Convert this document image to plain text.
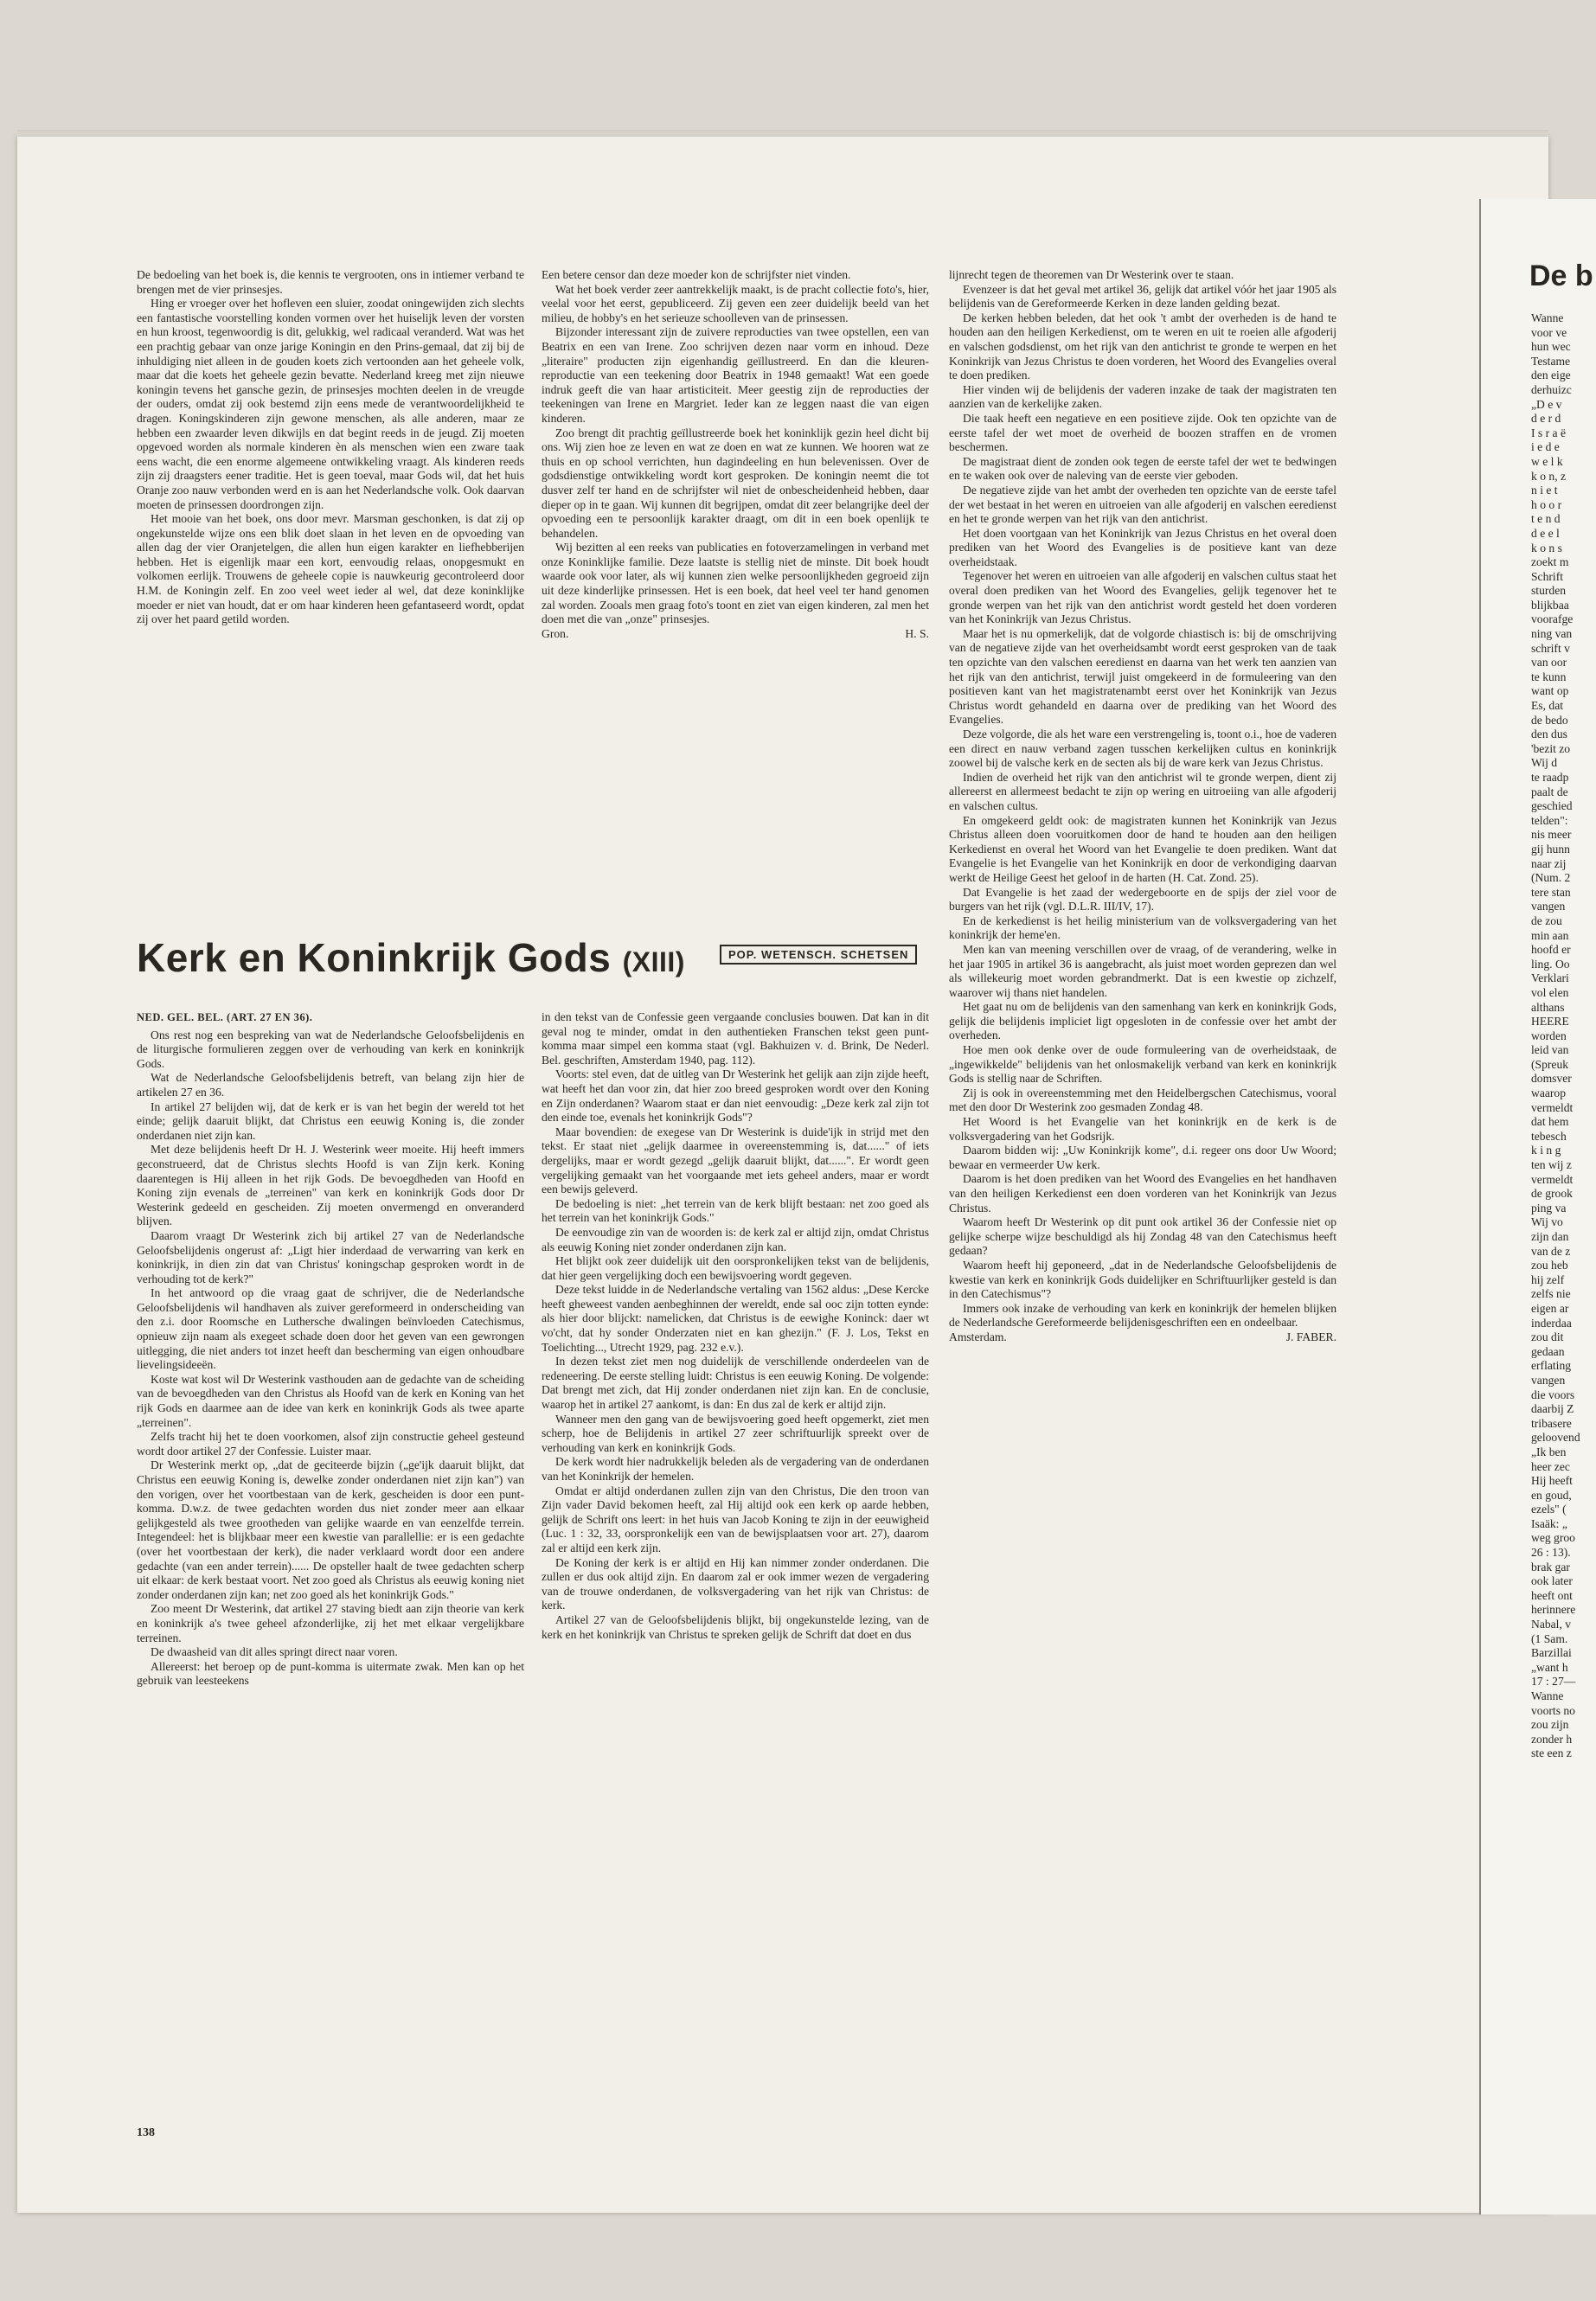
De bedoeling van het boek is, die kennis te vergrooten, ons in intiemer verband te brengen met de vier prinsesjes.

Hing er vroeger over het hofleven een sluier, zoodat oningewijden zich slechts een fantastische voorstelling konden vormen over het huiselijk leven der vorsten en hun kroost, tegenwoordig is dit, gelukkig, wel radicaal veranderd. Wat was het een prachtig gebaar van onze jarige Koningin en den Prins-gemaal, dat zij bij de inhuldiging niet alleen in de gouden koets zich vertoonden aan het geheele volk, maar dat die koets het geheele gezin bevatte. Nederland kreeg met zijn nieuwe koningin tevens het gansche gezin, de prinsesjes mochten deelen in de vreugde der ouders, omdat zij ook bestemd zijn eens mede de verantwoordelijkheid te dragen. Koningskinderen zijn gewone menschen, als alle anderen, maar ze hebben een zwaarder leven dikwijls en dat begint reeds in de jeugd. Zij moeten opgevoed worden als normale kinderen èn als menschen wien een zware taak eens wacht, die een enorme algemeene ontwikkeling vraagt. Als kinderen reeds zijn zij draagsters eener traditie. Het is geen toeval, maar Gods wil, dat het huis Oranje zoo nauw verbonden werd en is aan het Nederlandsche volk. Ook daarvan moeten de prinsessen doordrongen zijn.

Het mooie van het boek, ons door mevr. Marsman geschonken, is dat zij op ongekunstelde wijze ons een blik doet slaan in het leven en de opvoeding van allen dag der vier Oranjetelgen, die allen hun eigen karakter en liefhebberijen hebben. Het is eigenlijk maar een kort, eenvoudig relaas, onopgesmukt en volkomen eerlijk. Trouwens de geheele copie is nauwkeurig gecontroleerd door H.M. de Koningin zelf. En zoo veel weet ieder al wel, dat deze koninklijke moeder er niet van houdt, dat er om haar kinderen heen gefantaseerd wordt, opdat zij over het paard getild worden.

Een betere censor dan deze moeder kon de schrijfster niet vinden.

Wat het boek verder zeer aantrekkelijk maakt, is de pracht collectie foto's, hier, veelal voor het eerst, gepubliceerd. Zij geven een zeer duidelijk beeld van het milieu, de hobby's en het serieuze schoolleven van de prinsessen.

Bijzonder interessant zijn de zuivere reproducties van twee opstellen, een van Beatrix en een van Irene. Zoo schrijven dezen naar vorm en inhoud. Deze „literaire" producten zijn eigenhandig geïllustreerd. En dan die kleuren-reproductie van een teekening door Beatrix in 1948 gemaakt! Wat een goede indruk geeft die van haar artisticiteit. Meer geestig zijn de reproducties der teekeningen van Irene en Margriet. Ieder kan ze leggen naast die van eigen kinderen.

Zoo brengt dit prachtig geïllustreerde boek het koninklijk gezin heel dicht bij ons. Wij zien hoe ze leven en wat ze doen en wat ze kunnen. We hooren wat ze thuis en op school verrichten, hun dagindeeling en hun belevenissen. Over de godsdienstige ontwikkeling wordt kort gesproken. De koningin neemt die tot dusver zelf ter hand en de schrijfster wil niet de onbescheidenheid hebben, daar dieper op in te gaan. Wij kunnen dit begrijpen, omdat dit zeer belangrijke deel der opvoeding een te persoonlijk karakter draagt, om dit in een boek openlijk te behandelen.

Wij bezitten al een reeks van publicaties en fotoverzamelingen in verband met onze Koninklijke familie. Deze laatste is stellig niet de minste. Dit boek houdt waarde ook voor later, als wij kunnen zien welke persoonlijkheden gegroeid zijn uit deze kinderlijke prinsessen. Het is een boek, dat heel veel ter hand genomen zal worden. Zooals men graag foto's toont en ziet van eigen kinderen, zal men het doen met die van „onze" prinsesjes.

Gron.	H. S.
Kerk en Koninkrijk Gods (XIII)	POP. WETENSCH. SCHETSEN

NED. GEL. BEL. (ART. 27 EN 36).

Ons rest nog een bespreking van wat de Nederlandsche Geloofsbelijdenis en de liturgische formulieren zeggen over de verhouding van kerk en koninkrijk Gods.

Wat de Nederlandsche Geloofsbelijdenis betreft, van belang zijn hier de artikelen 27 en 36.

In artikel 27 belijden wij, dat de kerk er is van het begin der wereld tot het einde; gelijk daaruit blijkt, dat Christus een eeuwig Koning is, die zonder onderdanen niet zijn kan.

Met deze belijdenis heeft Dr H. J. Westerink weer moeite. Hij heeft immers geconstrueerd, dat de Christus slechts Hoofd is van Zijn kerk. Koning daarentegen is Hij alleen in het rijk Gods. De bevoegdheden van Hoofd en Koning zijn evenals de „terreinen" van kerk en koninkrijk Gods door Dr Westerink gedeeld en gescheiden. Zij moeten onvermengd en onveranderd blijven.

Daarom vraagt Dr Westerink zich bij artikel 27 van de Nederlandsche Geloofsbelijdenis ongerust af: „Ligt hier inderdaad de verwarring van kerk en koninkrijk, in dien zin dat van Christus' koningschap gesproken wordt in de verhouding tot de kerk?"

In het antwoord op die vraag gaat de schrijver, die de Nederlandsche Geloofsbelijdenis wil handhaven als zuiver gereformeerd in onderscheiding van den z.i. door Roomsche en Luthersche dwalingen beïnvloeden Catechismus, opnieuw zijn naam als exegeet schade doen door het geven van een gewrongen uitlegging, die niet anders tot inzet heeft dan bescherming van eigen onhoudbare lievelingsideeën.

Koste wat kost wil Dr Westerink vasthouden aan de gedachte van de scheiding van de bevoegdheden van den Christus als Hoofd van de kerk en Koning van het rijk Gods en daarmee aan de idee van kerk en koninkrijk Gods als twee aparte „terreinen".

Zelfs tracht hij het te doen voorkomen, alsof zijn constructie geheel gesteund wordt door artikel 27 der Confessie. Luister maar.

Dr Westerink merkt op, „dat de geciteerde bijzin („ge'ijk daaruit blijkt, dat Christus een eeuwig Koning is, dewelke zonder onderdanen niet zijn kan") van den vorigen, over het voortbestaan van de kerk, gescheiden is door een punt-komma. D.w.z. de twee gedachten worden dus niet zonder meer aan elkaar gelijkgesteld als twee grootheden van gelijke waarde en van eenzelfde terrein. Integendeel: het is blijkbaar meer een kwestie van parallellie: er is een gedachte (over het voortbestaan der kerk), die nader verklaard wordt door een andere gedachte (van een ander terrein)...... De opsteller haalt de twee gedachten scherp uit elkaar: de kerk bestaat voort. Net zoo goed als Christus als eeuwig koning niet zonder onderdanen zijn kan; net zoo goed als het koninkrijk Gods."

Zoo meent Dr Westerink, dat artikel 27 staving biedt aan zijn theorie van kerk en koninkrijk a's twee geheel afzonderlijke, zij het met elkaar vergelijkbare terreinen.

De dwaasheid van dit alles springt direct naar voren.

Allereerst: het beroep op de punt-komma is uitermate zwak. Men kan op het gebruik van leesteekens

in den tekst van de Confessie geen vergaande conclusies bouwen. Dat kan in dit geval nog te minder, omdat in den authentieken Franschen tekst geen punt-komma maar simpel een komma staat (vgl. Bakhuizen v. d. Brink, De Nederl. Bel. geschriften, Amsterdam 1940, pag. 112).

Voorts: stel even, dat de uitleg van Dr Westerink het gelijk aan zijn zijde heeft, wat heeft het dan voor zin, dat hier zoo breed gesproken wordt over den Koning en Zijn onderdanen? Waarom staat er dan niet eenvoudig: „Deze kerk zal zijn tot den einde toe, evenals het koninkrijk Gods"?

Maar bovendien: de exegese van Dr Westerink is duide'ijk in strijd met den tekst. Er staat niet „gelijk daarmee in overeenstemming is, dat......" of iets dergelijks, maar er wordt gezegd „gelijk daaruit blijkt, dat......". Er wordt geen vergelijking gemaakt van het voorgaande met iets geheel anders, maar er wordt een bewijs geleverd.

De bedoeling is niet: „het terrein van de kerk blijft bestaan: net zoo goed als het terrein van het koninkrijk Gods."

De eenvoudige zin van de woorden is: de kerk zal er altijd zijn, omdat Christus als eeuwig Koning niet zonder onderdanen zijn kan.

Het blijkt ook zeer duidelijk uit den oorspronkelijken tekst van de belijdenis, dat hier geen vergelijking doch een bewijsvoering wordt gegeven.

Deze tekst luidde in de Nederlandsche vertaling van 1562 aldus: „Dese Kercke heeft gheweest vanden aenbeghinnen der wereldt, ende sal ooc zijn totten eynde: als hier door blijckt: namelicken, dat Christus is de eewighe Koninck: daer wt vo'cht, dat hy sonder Onderzaten niet en kan ghezijn." (F. J. Los, Tekst en Toelichting..., Utrecht 1929, pag. 232 e.v.).

In dezen tekst ziet men nog duidelijk de verschillende onderdeelen van de redeneering. De eerste stelling luidt: Christus is een eeuwig Koning. De volgende: Dat brengt met zich, dat Hij zonder onderdanen niet zijn kan. En de conclusie, waarop het in artikel 27 aankomt, is dan: En dus zal de kerk er altijd zijn.

Wanneer men den gang van de bewijsvoering goed heeft opgemerkt, ziet men scherp, hoe de Belijdenis in artikel 27 zeer schriftuurlijk spreekt over de verhouding van kerk en koninkrijk Gods.

De kerk wordt hier nadrukkelijk beleden als de vergadering van de onderdanen van het Koninkrijk der hemelen.

Omdat er altijd onderdanen zullen zijn van den Christus, Die den troon van Zijn vader David bekomen heeft, zal Hij altijd ook een kerk op aarde hebben, gelijk de Schrift ons leert: in het huis van Jacob Koning te zijn in der eeuwigheid (Luc. 1 : 32, 33, oorspronkelijk een van de bewijsplaatsen voor art. 27), daarom zal er altijd een kerk zijn.

De Koning der kerk is er altijd en Hij kan nimmer zonder onderdanen. Die zullen er dus ook altijd zijn. En daarom zal er ook immer wezen de vergadering van de trouwe onderdanen, de volksvergadering van het rijk van Christus: de kerk.

Artikel 27 van de Geloofsbelijdenis blijkt, bij ongekunstelde lezing, van de kerk en het koninkrijk van Christus te spreken gelijk de Schrift dat doet en dus

lijnrecht tegen de theoremen van Dr Westerink over te staan.

Evenzeer is dat het geval met artikel 36, gelijk dat artikel vóór het jaar 1905 als belijdenis van de Gereformeerde Kerken in deze landen gelding bezat.

De kerken hebben beleden, dat het ook 't ambt der overheden is de hand te houden aan den heiligen Kerkedienst, om te weren en uit te roeien alle afgoderij en valschen godsdienst, om het rijk van den antichrist te gronde te werpen en het Koninkrijk van Jezus Christus te doen vorderen, het Woord des Evangelies overal te doen prediken.

Hier vinden wij de belijdenis der vaderen inzake de taak der magistraten ten aanzien van de kerkelijke zaken.

Die taak heeft een negatieve en een positieve zijde. Ook ten opzichte van de eerste tafel der wet moet de overheid de boozen straffen en de vromen beschermen.

De magistraat dient de zonden ook tegen de eerste tafel der wet te bedwingen en te waken ook over de naleving van de eerste vier geboden.

De negatieve zijde van het ambt der overheden ten opzichte van de eerste tafel der wet bestaat in het weren en uitroeien van alle afgoderij en valschen eeredienst en het te gronde werpen van het rijk van den antichrist.

Het doen voortgaan van het Koninkrijk van Jezus Christus en het overal doen prediken van het Woord des Evangelies is de positieve kant van deze overheidstaak.

Tegenover het weren en uitroeien van alle afgoderij en valschen cultus staat het overal doen prediken van het Woord des Evangelies, gelijk tegenover het te gronde werpen van het rijk van den antichrist wordt gesteld het doen vorderen van het Koninkrijk van Jezus Christus.

Maar het is nu opmerkelijk, dat de volgorde chiastisch is: bij de omschrijving van de negatieve zijde van het overheidsambt wordt eerst gesproken van de taak ten opzichte van den valschen eeredienst en daarna van het werk ten aanzien van het rijk van den antichrist, terwijl juist omgekeerd in de formuleering van den positieven kant van het magistratenambt eerst over het Koninkrijk van Jezus Christus wordt gehandeld en daarna over de prediking van het Woord des Evangelies.

Deze volgorde, die als het ware een verstrengeling is, toont o.i., hoe de vaderen een direct en nauw verband zagen tusschen kerkelijken cultus en koninkrijk zoowel bij de valsche kerk en de secten als bij de ware kerk van Jezus Christus.

Indien de overheid het rijk van den antichrist wil te gronde werpen, dient zij allereerst en allermeest bedacht te zijn op wering en uitroeiing van alle afgoderij en valschen cultus.

En omgekeerd geldt ook: de magistraten kunnen het Koninkrijk van Jezus Christus alleen doen vooruitkomen door de hand te houden aan den heiligen Kerkedienst en overal het Woord van het Evangelie te doen prediken. Want dat Evangelie is het Evangelie van het Koninkrijk en door de verkondiging daarvan werkt de Heilige Geest het geloof in de harten (H. Cat. Zond. 25).

Dat Evangelie is het zaad der wedergeboorte en de spijs der ziel voor de burgers van het rijk (vgl. D.L.R. III/IV, 17).

En de kerkedienst is het heilig ministerium van de volksvergadering van het koninkrijk der heme'en.

Men kan van meening verschillen over de vraag, of de verandering, welke in het jaar 1905 in artikel 36 is aangebracht, als juist moet worden geprezen dan wel als willekeurig moet worden gebrandmerkt. Dat is een kwestie op zichzelf, waarover wij thans niet handelen.

Het gaat nu om de belijdenis van den samenhang van kerk en koninkrijk Gods, gelijk die belijdenis impliciet ligt opgesloten in de confessie over het ambt der overheden.

Hoe men ook denke over de oude formuleering van de overheidstaak, de „ingewikkelde" belijdenis van het onlosmakelijk verband van kerk en koninkrijk Gods is stellig naar de Schriften.

Zij is ook in overeenstemming met den Heidelbergschen Catechismus, vooral met den door Dr Westerink zoo gesmaden Zondag 48.

Het Woord is het Evangelie van het koninkrijk en de kerk is de volksvergadering van het Godsrijk.

Daarom bidden wij: „Uw Koninkrijk kome", d.i. regeer ons door Uw Woord; bewaar en vermeerder Uw kerk.

Daarom is het doen prediken van het Woord des Evangelies en het handhaven van den heiligen Kerkedienst een doen vorderen van het Koninkrijk van Jezus Christus.

Waarom heeft Dr Westerink op dit punt ook artikel 36 der Confessie niet op gelijke scherpe wijze beschuldigd als hij Zondag 48 van den Catechismus heeft gedaan?

Waarom heeft hij geponeerd, „dat in de Nederlandsche Geloofsbelijdenis de kwestie van kerk en koninkrijk Gods duidelijker en Schriftuurlijker gesteld is dan in den Catechismus"?

Immers ook inzake de verhouding van kerk en koninkrijk der hemelen blijken de Nederlandsche Gereformeerde belijdenisgeschriften een en ondeelbaar.

Amsterdam.	J. FABER.
138
De b
Wanne
voor ve
hun wec
Testame
den eige
derhuizc
„D e v
d e r d
I s r a ë
i e d e
w e l k
k o n, z
n i e t
h o o r
t e n d
d e e l
k o n s
zoekt m
Schrift
sturden
blijkbaa
voorafge
ning van
schrift v
van oor
te kunn
want op
Es, dat
de bedo
den dus
'bezit zo
Wij d
te raadp
paalt de
geschied
telden":
nis meer
gij hunn
naar zij
(Num. 2
tere stan
vangen
de zou
min aan
hoofd er
ling. Oo
Verklari
vol elen
althans
HEERE
worden
leid van
(Spreuk
domsver
waarop
vermeldt
dat hem
tebesch
k i n g
ten wij z
vermeldt
de grook
ping va
Wij vo
zijn dan
van de z
zou heb
hij zelf
zelfs nie
eigen ar
inderdaa
zou dit
gedaan
erflating
vangen
die voors
daarbij Z
tribasere
geloovend
„Ik ben
heer zec
Hij heeft
en goud,
ezels" (
Isaäk: „
weg groo
26 : 13).
brak gar
ook later
heeft ont
herinnere
Nabal, v
(1 Sam.
Barzillai
„want h
17 : 27—
Wanne
voorts no
zou zijn
zonder h
ste een z
